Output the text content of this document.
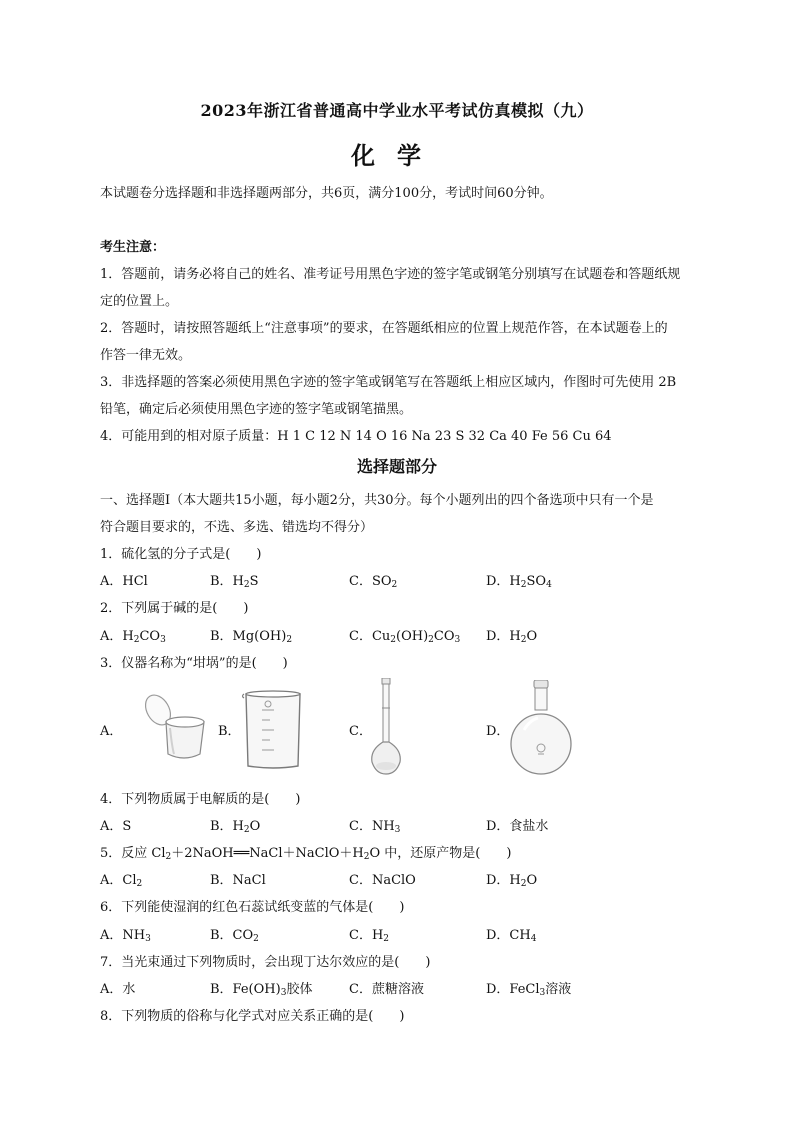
2023年浙江省普通高中学业水平考试仿真模拟（九）
化学
本试题卷分选择题和非选择题两部分，共6页，满分100分，考试时间60分钟。
考生注意：
1．答题前，请务必将自己的姓名、准考证号用黑色字迹的签字笔或钢笔分别填写在试题卷和答题纸规
定的位置上。
2．答题时，请按照答题纸上“注意事项”的要求，在答题纸相应的位置上规范作答，在本试题卷上的
作答一律无效。
3．非选择题的答案必须使用黑色字迹的签字笔或钢笔写在答题纸上相应区域内，作图时可先使用 2B
铅笔，确定后必须使用黑色字迹的签字笔或钢笔描黑。
4．可能用到的相对原子质量：H 1 C 12 N 14 O 16 Na 23 S 32 Ca 40 Fe 56 Cu 64
选择题部分
一、选择题Ⅰ（本大题共15小题，每小题2分，共30分。每个小题列出的四个备选项中只有一个是
符合题目要求的，不选、多选、错选均不得分）
1．硫化氢的分子式是(　　)
A．HCl	B．$H_2S$	C．$SO_2$	D．$H_2SO_4$
2．下列属于碱的是(　　)
A．$H_2CO_3$	B．$Mg(OH)_2$	C．$Cu_2(OH)_2CO_3$ D．$H_2O$
3．仪器名称为“坩埚”的是(　　)
A．	B．	C．	D．
4．下列物质属于电解质的是(　　)
A．S	B．$H_2O$	C．$NH_3$	D．食盐水
5．反应 $Cl_2+2NaOH══NaCl+NaClO+H_2O$ 中，还原产物是(　　)
A．$Cl_2$	B．NaCl	C．NaClO	D．$H_2O$
6．下列能使湿润的红色石蕊试纸变蓝的气体是(　　)
A．$NH_3$	B．$CO_2$	C．$H_2$	D．$CH_4$
7．当光束通过下列物质时，会出现丁达尔效应的是(　　)
A．水	B．$Fe(OH)_3$胶体	C．蔗糖溶液	D．FeCl$_3$溶液
8．下列物质的俗称与化学式对应关系正确的是(　　)
